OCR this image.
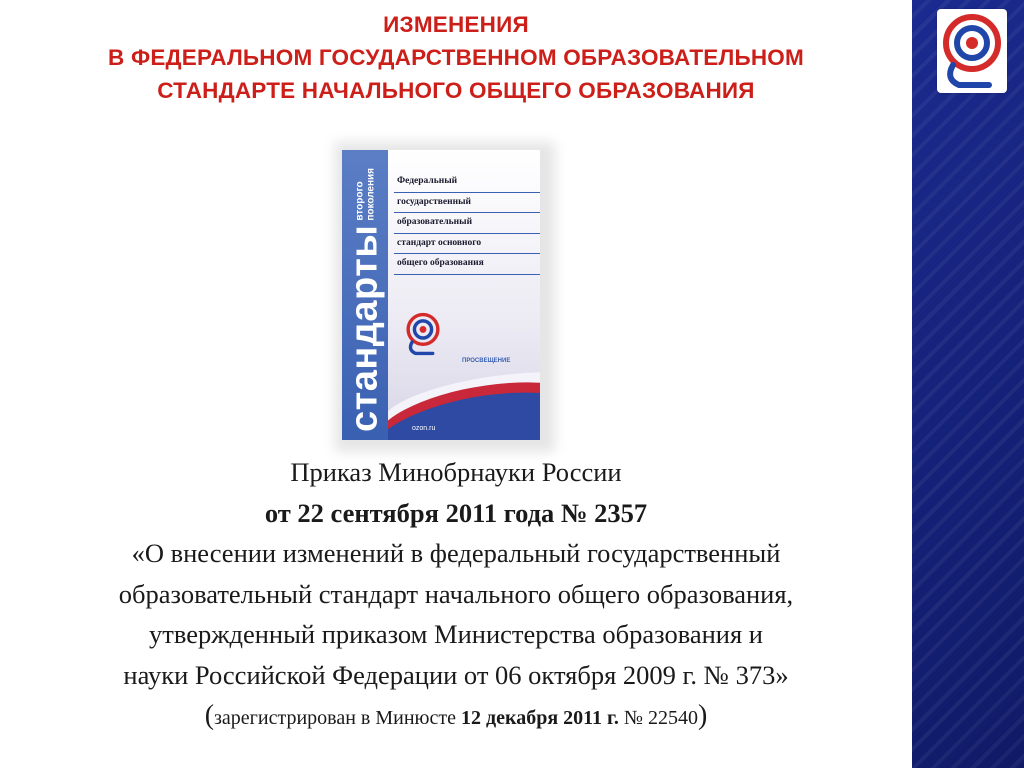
ИЗМЕНЕНИЯ
В ФЕДЕРАЛЬНОМ ГОСУДАРСТВЕННОМ ОБРАЗОВАТЕЛЬНОМ
СТАНДАРТЕ НАЧАЛЬНОГО ОБЩЕГО ОБРАЗОВАНИЯ
стандартывторого
поколения	Федеральный
государственный
образовательный
стандарт основного
общего образования
ПРОСВЕЩЕНИЕ
ozon.ru
Приказ Минобрнауки России
от 22 сентября 2011 года № 2357
«О внесении изменений в федеральный государственный
образовательный стандарт начального общего образования,
утвержденный приказом Министерства образования и
науки Российской Федерации от 06 октября 2009 г. № 373»
(зарегистрирован в Минюсте 12 декабря 2011 г. № 22540)
